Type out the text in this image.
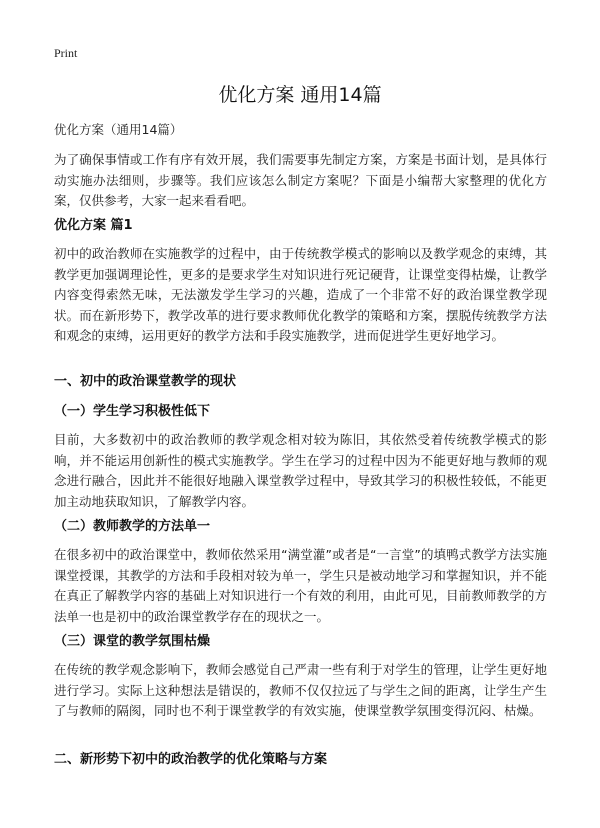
Print
优化方案 通用14篇
优化方案（通用14篇）

为了确保事情或工作有序有效开展，我们需要事先制定方案，方案是书面计划，是具体行动实施办法细则，步骤等。我们应该怎么制定方案呢？下面是小编帮大家整理的优化方案，仅供参考，大家一起来看看吧。

优化方案 篇1

初中的政治教师在实施教学的过程中，由于传统教学模式的影响以及教学观念的束缚，其教学更加强调理论性，更多的是要求学生对知识进行死记硬背，让课堂变得枯燥，让教学内容变得索然无味，无法激发学生学习的兴趣，造成了一个非常不好的政治课堂教学现状。而在新形势下，教学改革的进行要求教师优化教学的策略和方案，摆脱传统教学方法和观念的束缚，运用更好的教学方法和手段实施教学，进而促进学生更好地学习。

一、初中的政治课堂教学的现状
（一）学生学习积极性低下

目前，大多数初中的政治教师的教学观念相对较为陈旧，其依然受着传统教学模式的影响，并不能运用创新性的模式实施教学。学生在学习的过程中因为不能更好地与教师的观念进行融合，因此并不能很好地融入课堂教学过程中，导致其学习的积极性较低，不能更加主动地获取知识，了解教学内容。

（二）教师教学的方法单一

在很多初中的政治课堂中，教师依然采用“满堂灌”或者是“一言堂”的填鸭式教学方法实施课堂授课，其教学的方法和手段相对较为单一，学生只是被动地学习和掌握知识，并不能在真正了解教学内容的基础上对知识进行一个有效的利用，由此可见，目前教师教学的方法单一也是初中的政治课堂教学存在的现状之一。

（三）课堂的教学氛围枯燥

在传统的教学观念影响下，教师会感觉自己严肃一些有利于对学生的管理，让学生更好地进行学习。实际上这种想法是错误的，教师不仅仅拉远了与学生之间的距离，让学生产生了与教师的隔阂，同时也不利于课堂教学的有效实施，使课堂教学氛围变得沉闷、枯燥。

二、新形势下初中的政治教学的优化策略与方案
